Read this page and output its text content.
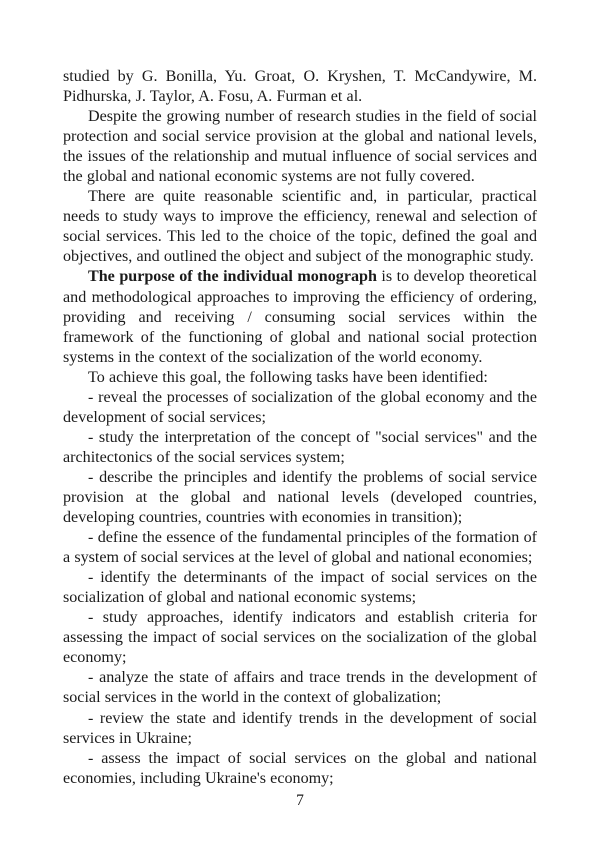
studied by G. Bonilla, Yu. Groat, O. Kryshen, T. McCandywire, M. Pidhurska, J. Taylor, A. Fosu, A. Furman et al.

Despite the growing number of research studies in the field of social protection and social service provision at the global and national levels, the issues of the relationship and mutual influence of social services and the global and national economic systems are not fully covered.

There are quite reasonable scientific and, in particular, practical needs to study ways to improve the efficiency, renewal and selection of social services. This led to the choice of the topic, defined the goal and objectives, and outlined the object and subject of the monographic study.

The purpose of the individual monograph is to develop theoretical and methodological approaches to improving the efficiency of ordering, providing and receiving / consuming social services within the framework of the functioning of global and national social protection systems in the context of the socialization of the world economy.

To achieve this goal, the following tasks have been identified:

- reveal the processes of socialization of the global economy and the development of social services;

- study the interpretation of the concept of "social services" and the architectonics of the social services system;

- describe the principles and identify the problems of social service provision at the global and national levels (developed countries, developing countries, countries with economies in transition);

- define the essence of the fundamental principles of the formation of a system of social services at the level of global and national economies;

- identify the determinants of the impact of social services on the socialization of global and national economic systems;

- study approaches, identify indicators and establish criteria for assessing the impact of social services on the socialization of the global economy;

- analyze the state of affairs and trace trends in the development of social services in the world in the context of globalization;

- review the state and identify trends in the development of social services in Ukraine;

- assess the impact of social services on the global and national economies, including Ukraine's economy;

7
